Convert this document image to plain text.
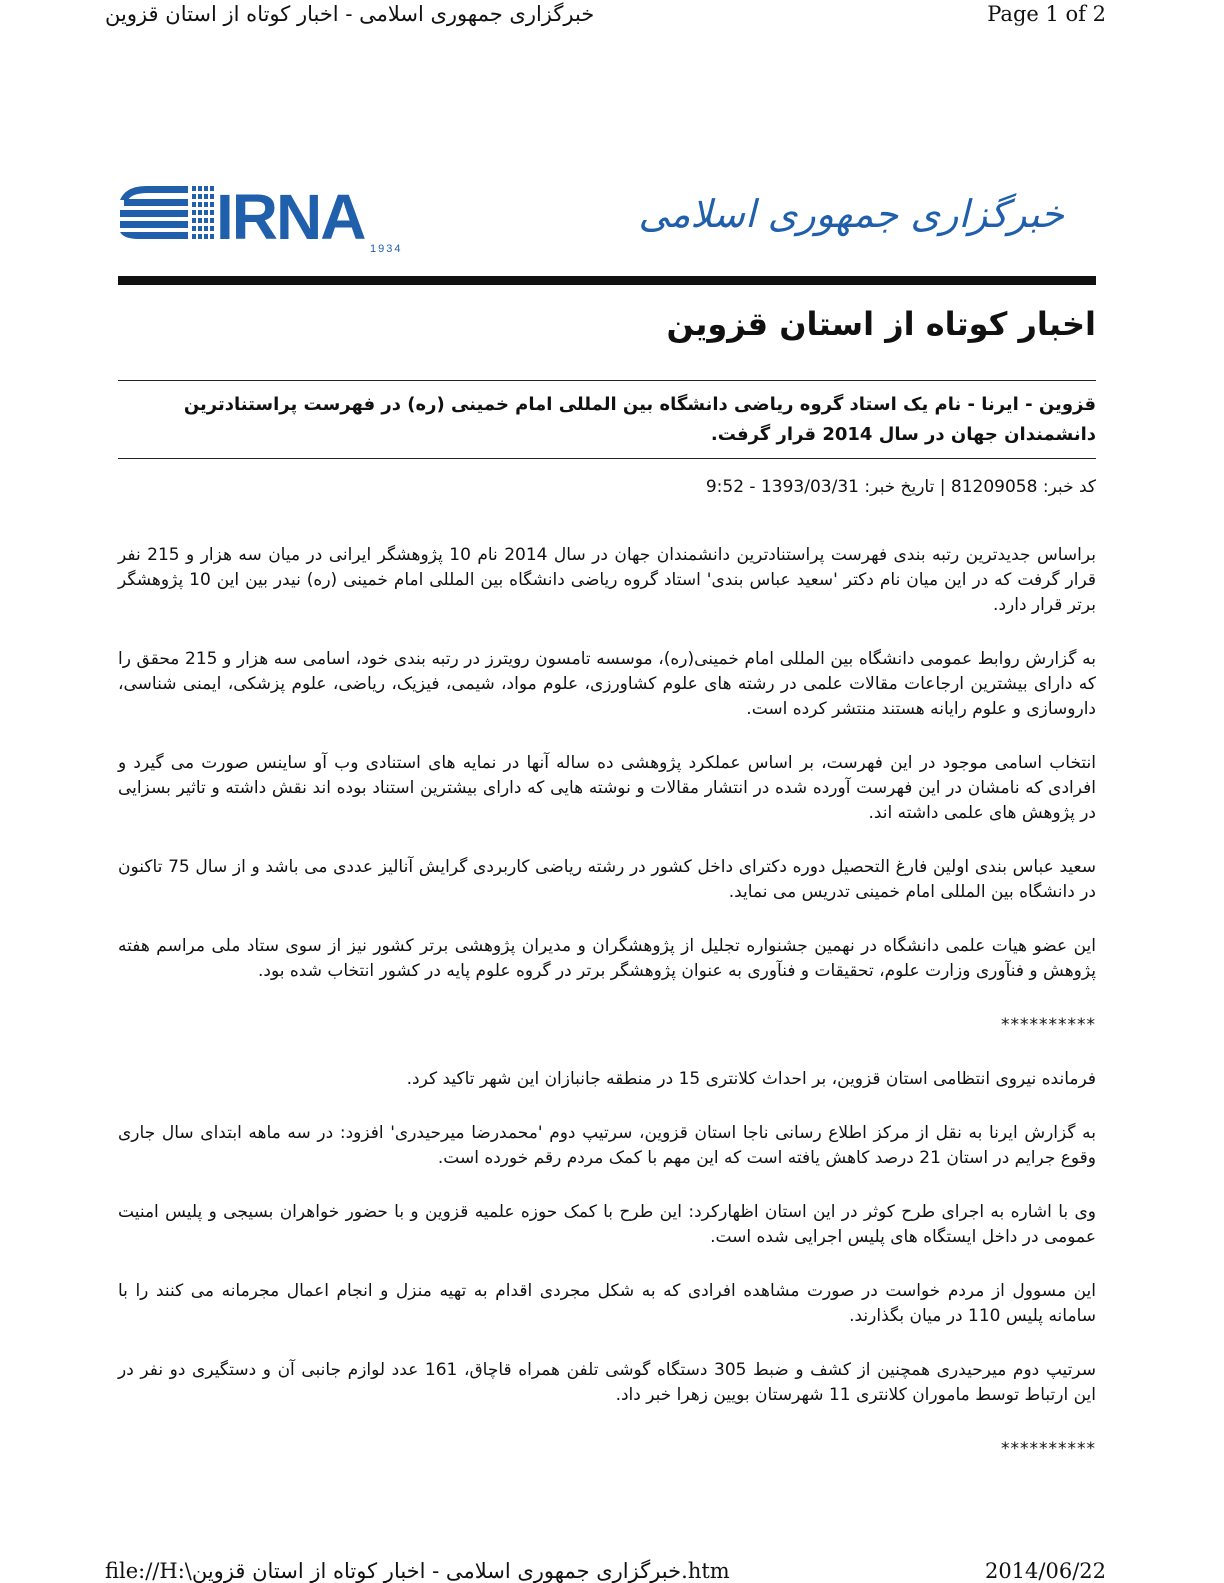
خبرگزاری جمهوری اسلامی - اخبار کوتاه از استان قزوین	Page 1 of 2
IRNA 1934
خبرگزاری جمهوری اسلامی
اخبار کوتاه از استان قزوین
قزوین - ایرنا - نام یک استاد گروه ریاضی دانشگاه بین المللی امام خمینی (ره) در فهرست پراستنادترین دانشمندان جهان در سال 2014 قرار گرفت.
کد خبر: 81209058 | تاریخ خبر: 1393/03/31 - 9:52

براساس جدیدترین رتبه بندی فهرست پراستنادترین دانشمندان جهان در سال 2014 نام 10 پژوهشگر ایرانی در میان سه هزار و 215 نفر قرار گرفت که در این میان نام دکتر 'سعید عباس بندی' استاد گروه ریاضی دانشگاه بین المللی امام خمینی (ره) نیدر بین این 10 پژوهشگر برتر قرار دارد.

به گزارش روابط عمومی دانشگاه بین المللی امام خمینی(ره)، موسسه تامسون رویترز در رتبه بندی خود، اسامی سه هزار و 215 محقق را که دارای بیشترین ارجاعات مقالات علمی در رشته های علوم کشاورزی، علوم مواد، شیمی، فیزیک، ریاضی، علوم پزشکی، ایمنی شناسی، داروسازی و علوم رایانه هستند منتشر کرده است.

انتخاب اسامی موجود در این فهرست، بر اساس عملکرد پژوهشی ده ساله آنها در نمایه های استنادی وب آو ساینس صورت می گیرد و افرادی که نامشان در این فهرست آورده شده در انتشار مقالات و نوشته هایی که دارای بیشترین استناد بوده اند نقش داشته و تاثیر بسزایی در پژوهش های علمی داشته اند.

سعید عباس بندی اولین فارغ التحصیل دوره دکترای داخل کشور در رشته ریاضی کاربردی گرایش آنالیز عددی می باشد و از سال 75 تاکنون در دانشگاه بین المللی امام خمینی تدریس می نماید.

این عضو هیات علمی دانشگاه در نهمین جشنواره تجلیل از پژوهشگران و مدیران پژوهشی برتر کشور نیز از سوی ستاد ملی مراسم هفته پژوهش و فنآوری وزارت علوم، تحقیقات و فنآوری به عنوان پژوهشگر برتر در گروه علوم پایه در کشور انتخاب شده بود.

**********

فرمانده نیروی انتظامی استان قزوین، بر احداث کلانتری 15 در منطقه جانبازان این شهر تاکید کرد.

به گزارش ایرنا به نقل از مرکز اطلاع رسانی ناجا استان قزوین، سرتیپ دوم 'محمدرضا میرحیدری' افزود: در سه ماهه ابتدای سال جاری وقوع جرایم در استان 21 درصد کاهش یافته است که این مهم با کمک مردم رقم خورده است.

وی با اشاره به اجرای طرح کوثر در این استان اظهارکرد: این طرح با کمک حوزه علمیه قزوین و با حضور خواهران بسیجی و پلیس امنیت عمومی در داخل ایستگاه های پلیس اجرایی شده است.

این مسوول از مردم خواست در صورت مشاهده افرادی که به شکل مجردی اقدام به تهیه منزل و انجام اعمال مجرمانه می کنند را با سامانه پلیس 110 در میان بگذارند.

سرتیپ دوم میرحیدری همچنین از کشف و ضبط 305 دستگاه گوشی تلفن همراه قاچاق، 161 عدد لوازم جانبی آن و دستگیری دو نفر در این ارتباط توسط ماموران کلانتری 11 شهرستان بویین زهرا خبر داد.

**********
file://H:\خبرگزاری جمهوری اسلامی - اخبار کوتاه از استان قزوین.htm	2014/06/22
